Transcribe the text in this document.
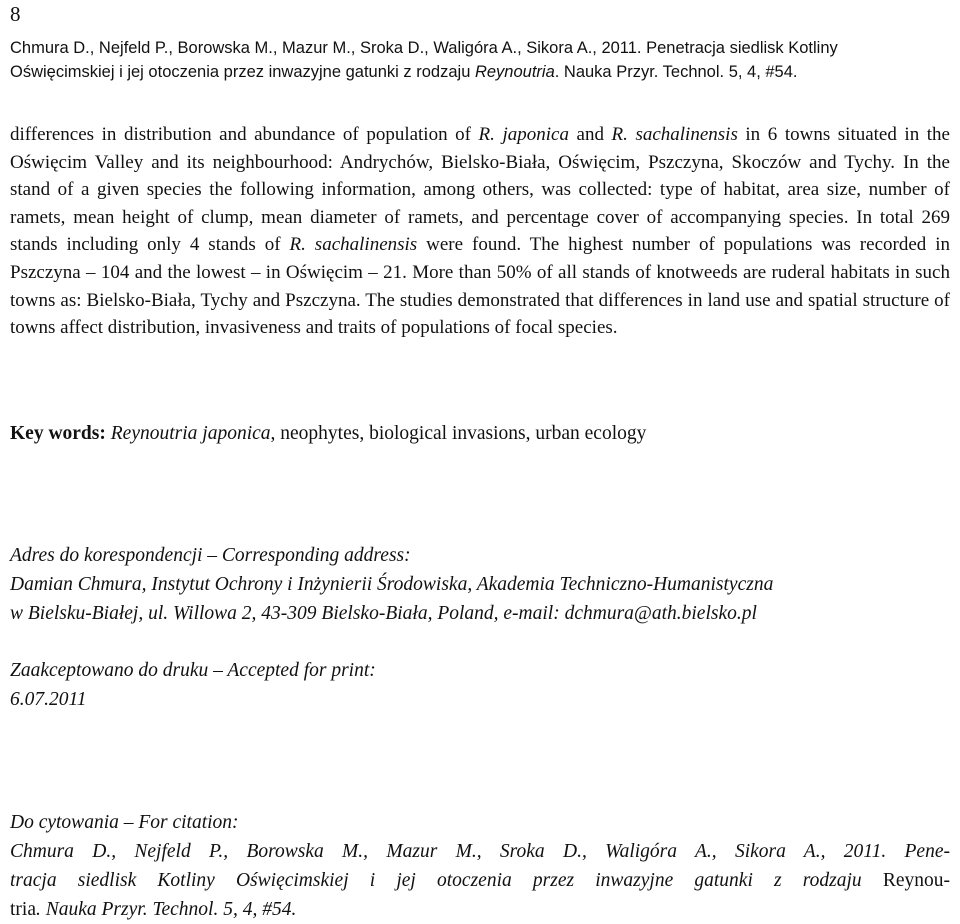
8
Chmura D., Nejfeld P., Borowska M., Mazur M., Sroka D., Waligóra A., Sikora A., 2011. Penetracja siedlisk Kotliny
Oświęcimskiej i jej otoczenia przez inwazyjne gatunki z rodzaju Reynoutria. Nauka Przyr. Technol. 5, 4, #54.

differences in distribution and abundance of population of R. japonica and R. sachalinensis in 6 towns situated in the Oświęcim Valley and its neighbourhood: Andrychów, Bielsko-Biała, Oświęcim, Pszczyna, Skoczów and Tychy. In the stand of a given species the following information, among others, was collected: type of habitat, area size, number of ramets, mean height of clump, mean diameter of ramets, and percentage cover of accompanying species. In total 269 stands including only 4 stands of R. sachalinensis were found. The highest number of populations was recorded in Pszczyna – 104 and the lowest – in Oświęcim – 21. More than 50% of all stands of knotweeds are ruderal habitats in such towns as: Bielsko-Biała, Tychy and Pszczyna. The studies demonstrated that differences in land use and spatial structure of towns affect distribution, invasiveness and traits of populations of focal species.

Key words: Reynoutria japonica, neophytes, biological invasions, urban ecology
Adres do korespondencji – Corresponding address:
Damian Chmura, Instytut Ochrony i Inżynierii Środowiska, Akademia Techniczno-Humanistyczna
w Bielsku-Białej, ul. Willowa 2, 43-309 Bielsko-Biała, Poland, e-mail: dchmura@ath.bielsko.pl
Zaakceptowano do druku – Accepted for print:
6.07.2011
Do cytowania – For citation:
Chmura D., Nejfeld P., Borowska M., Mazur M., Sroka D., Waligóra A., Sikora A., 2011. Pene-
tracja siedlisk Kotliny Oświęcimskiej i jej otoczenia przez inwazyjne gatunki z rodzaju Reynou-
tria. Nauka Przyr. Technol. 5, 4, #54.
